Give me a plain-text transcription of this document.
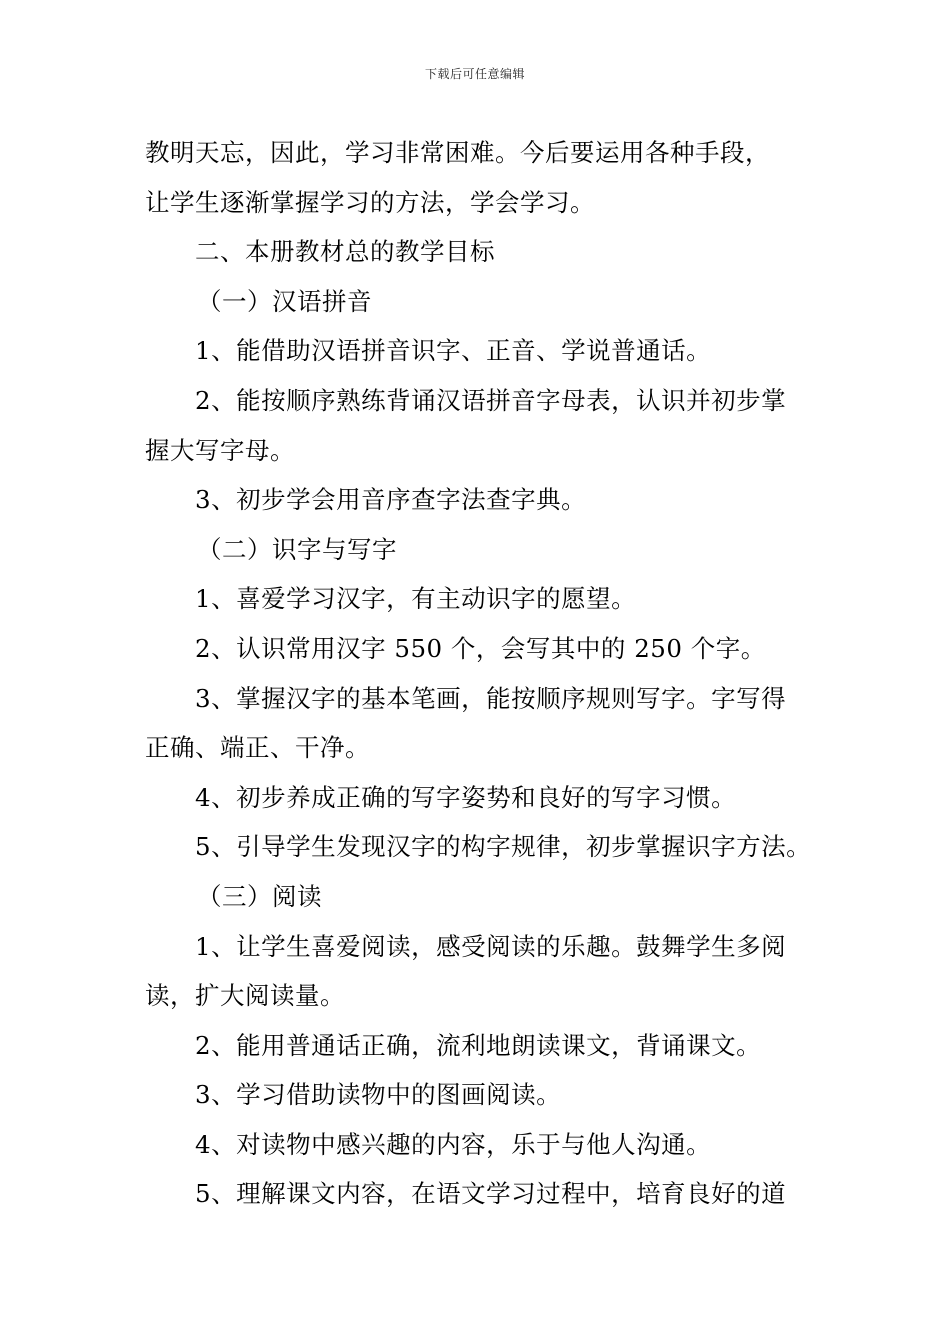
下载后可任意编辑
教明天忘，因此，学习非常困难。今后要运用各种手段，
让学生逐渐掌握学习的方法，学会学习。
二、本册教材总的教学目标
（一）汉语拼音
1、能借助汉语拼音识字、正音、学说普通话。
2、能按顺序熟练背诵汉语拼音字母表，认识并初步掌
握大写字母。
3、初步学会用音序查字法查字典。
（二）识字与写字
1、喜爱学习汉字，有主动识字的愿望。
2、认识常用汉字 550 个，会写其中的 250 个字。
3、掌握汉字的基本笔画，能按顺序规则写字。字写得
正确、端正、干净。
4、初步养成正确的写字姿势和良好的写字习惯。
5、引导学生发现汉字的构字规律，初步掌握识字方法。
（三）阅读
1、让学生喜爱阅读，感受阅读的乐趣。鼓舞学生多阅
读，扩大阅读量。
2、能用普通话正确，流利地朗读课文，背诵课文。
3、学习借助读物中的图画阅读。
4、对读物中感兴趣的内容，乐于与他人沟通。
5、理解课文内容，在语文学习过程中，培育良好的道
